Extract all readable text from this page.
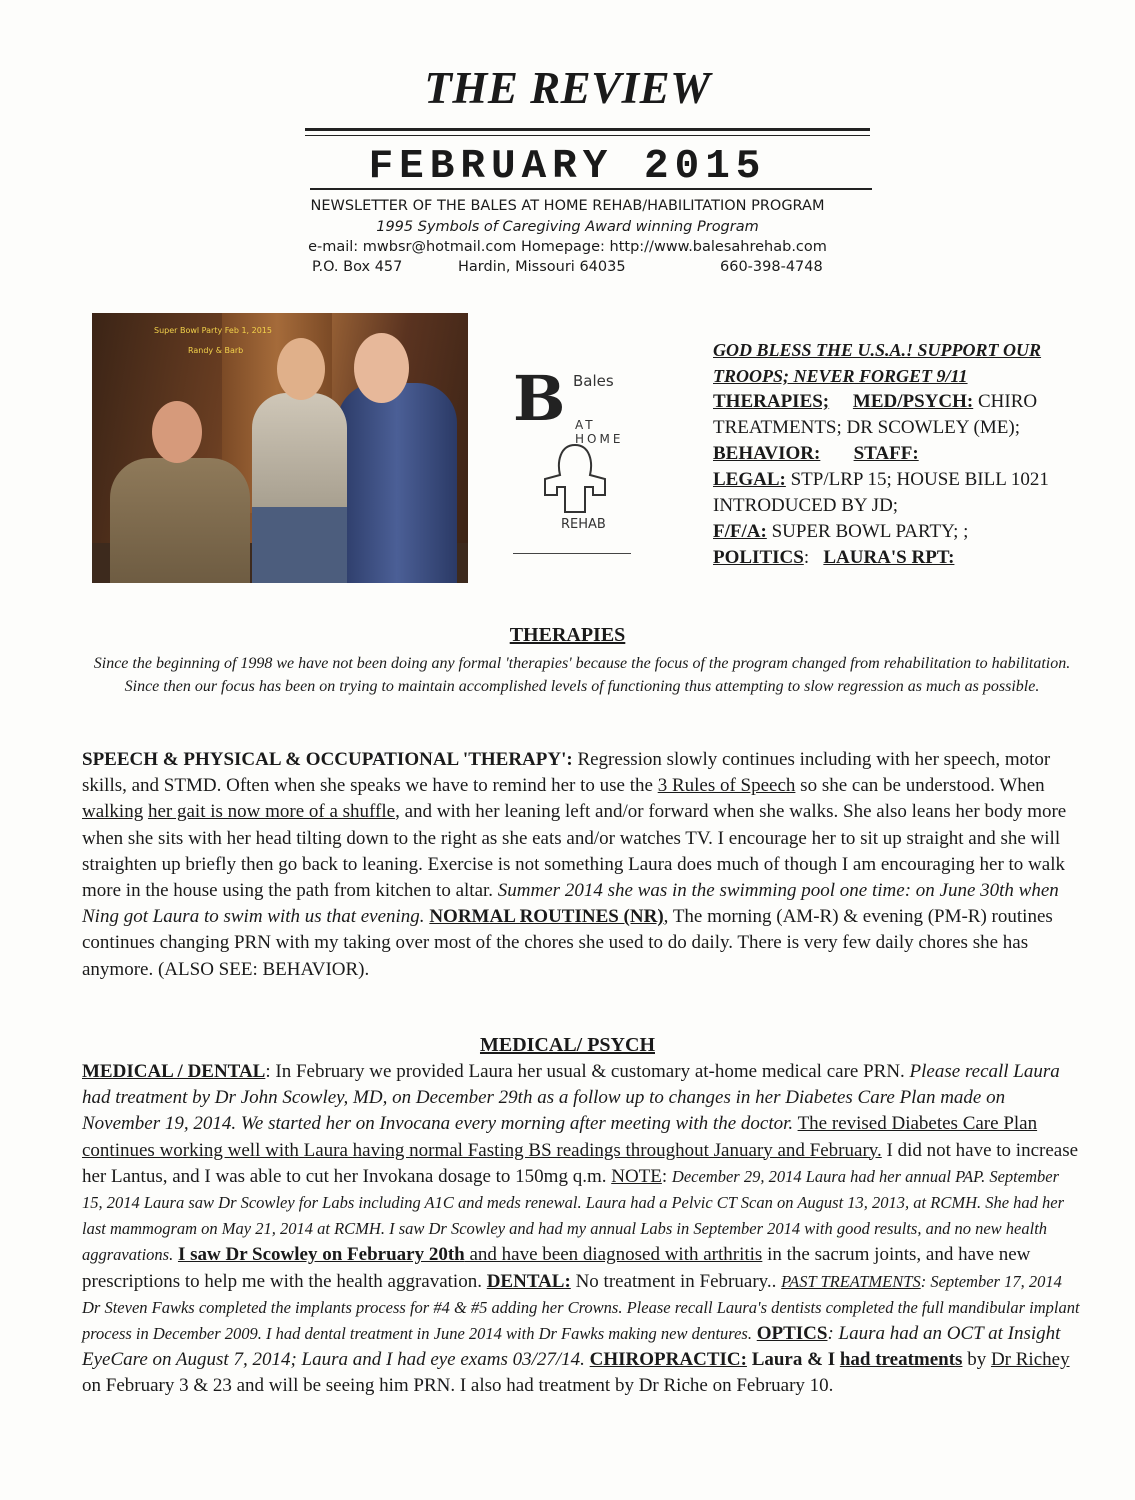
THE REVIEW
FEBRUARY 2015
NEWSLETTER OF THE BALES AT HOME REHAB/HABILITATION PROGRAM
1995 Symbols of Caregiving Award winning Program
e-mail: mwbsr@hotmail.com Homepage: http://www.balesahrehab.com
P.O. Box 457	Hardin, Missouri 64035	660-398-4748
Super Bowl Party Feb 1, 2015
Randy & Barb
B Bales
AT HOME
REHAB
GOD BLESS THE U.S.A.! SUPPORT OUR TROOPS; NEVER FORGET 9/11
THERAPIES; MED/PSYCH: CHIRO TREATMENTS; DR SCOWLEY (ME);
BEHAVIOR: STAFF:
LEGAL: STP/LRP 15; HOUSE BILL 1021 INTRODUCED BY JD;
F/F/A: SUPER BOWL PARTY; ;
POLITICS: LAURA'S RPT:
THERAPIES
Since the beginning of 1998 we have not been doing any formal 'therapies' because the focus of the program changed from rehabilitation to habilitation. Since then our focus has been on trying to maintain accomplished levels of functioning thus attempting to slow regression as much as possible.
SPEECH & PHYSICAL & OCCUPATIONAL 'THERAPY': Regression slowly continues including with her speech, motor skills, and STMD. Often when she speaks we have to remind her to use the 3 Rules of Speech so she can be understood. When walking her gait is now more of a shuffle, and with her leaning left and/or forward when she walks. She also leans her body more when she sits with her head tilting down to the right as she eats and/or watches TV. I encourage her to sit up straight and she will straighten up briefly then go back to leaning. Exercise is not something Laura does much of though I am encouraging her to walk more in the house using the path from kitchen to altar. Summer 2014 she was in the swimming pool one time: on June 30th when Ning got Laura to swim with us that evening. NORMAL ROUTINES (NR), The morning (AM-R) & evening (PM-R) routines continues changing PRN with my taking over most of the chores she used to do daily. There is very few daily chores she has anymore. (ALSO SEE: BEHAVIOR).
MEDICAL/ PSYCH
MEDICAL / DENTAL: In February we provided Laura her usual & customary at-home medical care PRN. Please recall Laura had treatment by Dr John Scowley, MD, on December 29th as a follow up to changes in her Diabetes Care Plan made on November 19, 2014. We started her on Invocana every morning after meeting with the doctor. The revised Diabetes Care Plan continues working well with Laura having normal Fasting BS readings throughout January and February. I did not have to increase her Lantus, and I was able to cut her Invokana dosage to 150mg q.m. NOTE: December 29, 2014 Laura had her annual PAP. September 15, 2014 Laura saw Dr Scowley for Labs including A1C and meds renewal. Laura had a Pelvic CT Scan on August 13, 2013, at RCMH. She had her last mammogram on May 21, 2014 at RCMH. I saw Dr Scowley and had my annual Labs in September 2014 with good results, and no new health aggravations. I saw Dr Scowley on February 20th and have been diagnosed with arthritis in the sacrum joints, and have new prescriptions to help me with the health aggravation. DENTAL: No treatment in February.. PAST TREATMENTS: September 17, 2014 Dr Steven Fawks completed the implants process for #4 & #5 adding her Crowns. Please recall Laura's dentists completed the full mandibular implant process in December 2009. I had dental treatment in June 2014 with Dr Fawks making new dentures. OPTICS: Laura had an OCT at Insight EyeCare on August 7, 2014; Laura and I had eye exams 03/27/14. CHIROPRACTIC: Laura & I had treatments by Dr Richey on February 3 & 23 and will be seeing him PRN. I also had treatment by Dr Riche on February 10.
